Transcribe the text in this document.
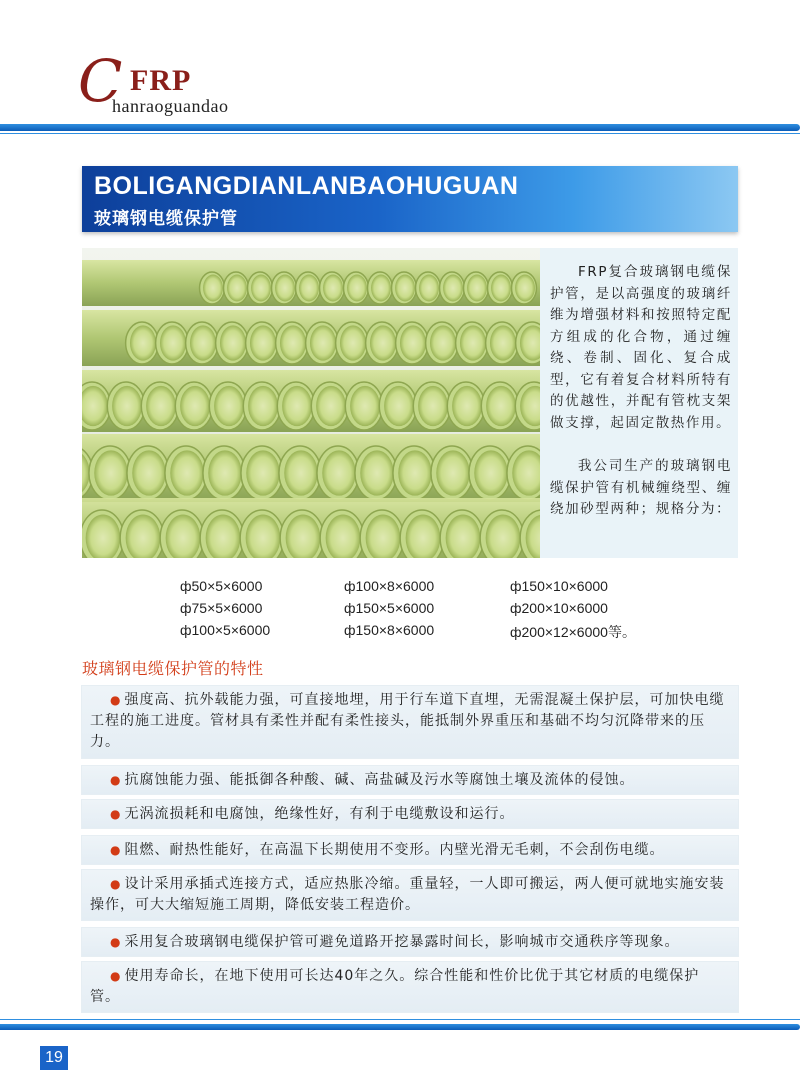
C FRP
hanraoguandao
BOLIGANGDIANLANBAOHUGUAN
玻璃钢电缆保护管

FRP复合玻璃钢电缆保护管，是以高强度的玻璃纤维为增强材料和按照特定配方组成的化合物，通过缠绕、卷制、固化、复合成型，它有着复合材料所特有的优越性，并配有管枕支架做支撑，起固定散热作用。

我公司生产的玻璃钢电缆保护管有机械缠绕型、缠绕加砂型两种；规格分为：

ф50×5×6000
ф75×5×6000
ф100×5×6000
ф100×8×6000
ф150×5×6000
ф150×8×6000
ф150×10×6000
ф200×10×6000
ф200×12×6000等。
玻璃钢电缆保护管的特性

● 强度高、抗外载能力强，可直接地埋，用于行车道下直埋，无需混凝土保护层，可加快电缆工程的施工进度。管材具有柔性并配有柔性接头，能抵制外界重压和基础不均匀沉降带来的压力。

● 抗腐蚀能力强、能抵御各种酸、碱、高盐碱及污水等腐蚀土壤及流体的侵蚀。

● 无涡流损耗和电腐蚀，绝缘性好，有利于电缆敷设和运行。

● 阻燃、耐热性能好，在高温下长期使用不变形。内壁光滑无毛刺，不会刮伤电缆。

● 设计采用承插式连接方式，适应热胀冷缩。重量轻，一人即可搬运，两人便可就地实施安装操作，可大大缩短施工周期，降低安装工程造价。

● 采用复合玻璃钢电缆保护管可避免道路开挖暴露时间长，影响城市交通秩序等现象。

● 使用寿命长，在地下使用可长达40年之久。综合性能和性价比优于其它材质的电缆保护管。

19
